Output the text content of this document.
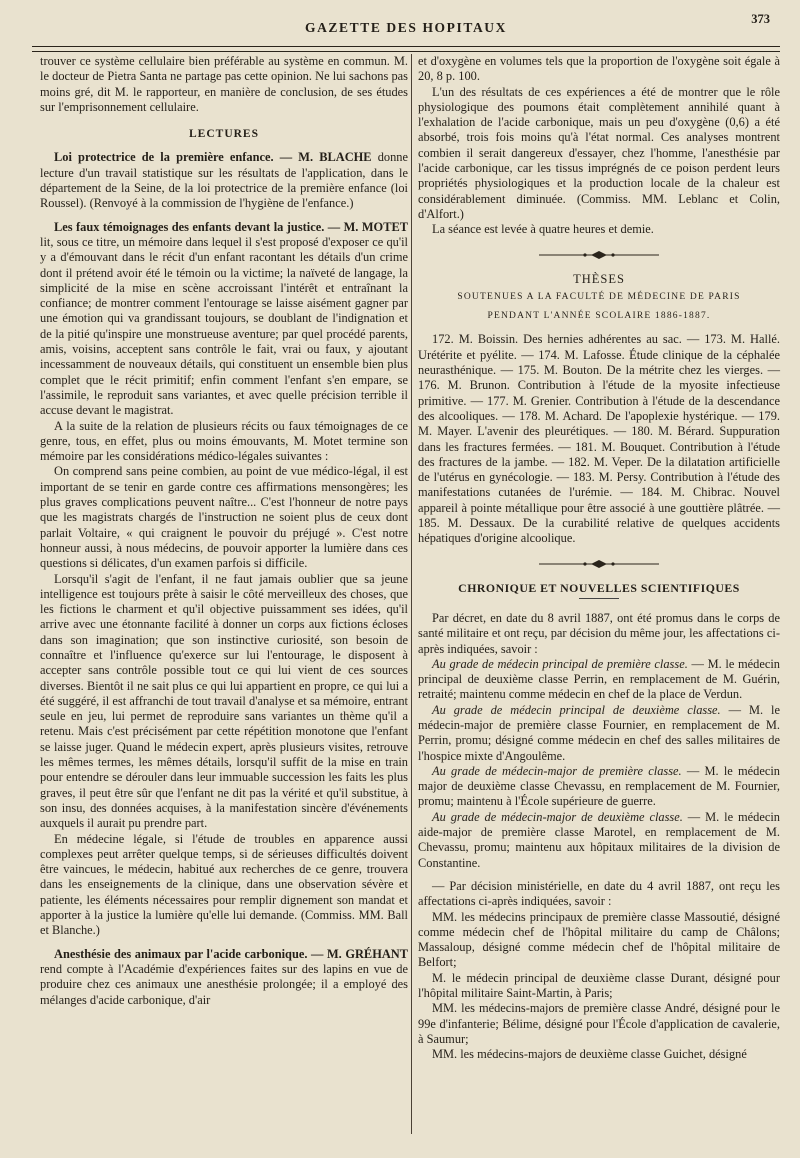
GAZETTE DES HOPITAUX
373

trouver ce système cellulaire bien préférable au système en commun. M. le docteur de Pietra Santa ne partage pas cette opinion. Ne lui sachons pas moins gré, dit M. le rapporteur, en manière de conclusion, de ses études sur l'emprisonnement cellulaire.

LECTURES

Loi protectrice de la première enfance. — M. BLACHE donne lecture d'un travail statistique sur les résultats de l'application, dans le département de la Seine, de la loi protectrice de la première enfance (loi Roussel). (Renvoyé à la commission de l'hygiène de l'enfance.)

Les faux témoignages des enfants devant la justice. — M. MOTET lit, sous ce titre, un mémoire dans lequel il s'est proposé d'exposer ce qu'il y a d'émouvant dans le récit d'un enfant racontant les détails d'un crime dont il prétend avoir été le témoin ou la victime; la naïveté de langage, la simplicité de la mise en scène accroissant l'intérêt et entraînant la confiance; de montrer comment l'entourage se laisse aisément gagner par une émotion qui va grandissant toujours, se doublant de l'indignation et de la pitié qu'inspire une monstrueuse aventure; par quel procédé parents, amis, voisins, acceptent sans contrôle le fait, vrai ou faux, y ajoutant incessamment de nouveaux détails, qui constituent un ensemble bien plus complet que le récit primitif; enfin comment l'enfant s'en empare, se l'assimile, le reproduit sans variantes, et avec quelle précision terrible il accuse devant le magistrat.

A la suite de la relation de plusieurs récits ou faux témoignages de ce genre, tous, en effet, plus ou moins émouvants, M. Motet termine son mémoire par les considérations médico-légales suivantes :

On comprend sans peine combien, au point de vue médico-légal, il est important de se tenir en garde contre ces affirmations mensongères; les plus graves complications peuvent naître... C'est l'honneur de notre pays que les magistrats chargés de l'instruction ne soient plus de ceux dont parlait Voltaire, « qui craignent le pouvoir du préjugé ». C'est notre honneur aussi, à nous médecins, de pouvoir apporter la lumière dans ces questions si délicates, d'un examen parfois si difficile.

Lorsqu'il s'agit de l'enfant, il ne faut jamais oublier que sa jeune intelligence est toujours prête à saisir le côté merveilleux des choses, que les fictions le charment et qu'il objective puissamment ses idées, qu'il arrive avec une étonnante facilité à donner un corps aux fictions écloses dans son imagination; que son instinctive curiosité, son besoin de connaître et l'influence qu'exerce sur lui l'entourage, le disposent à accepter sans contrôle possible tout ce qui lui vient de ces sources diverses. Bientôt il ne sait plus ce qui lui appartient en propre, ce qui lui a été suggéré, il est affranchi de tout travail d'analyse et sa mémoire, entrant seule en jeu, lui permet de reproduire sans variantes un thème qu'il a retenu. Mais c'est précisément par cette répétition monotone que l'enfant se laisse juger. Quand le médecin expert, après plusieurs visites, retrouve les mêmes termes, les mêmes détails, lorsqu'il suffit de la mise en train pour entendre se dérouler dans leur immuable succession les faits les plus graves, il peut être sûr que l'enfant ne dit pas la vérité et qu'il substitue, à son insu, des données acquises, à la manifestation sincère d'événements auxquels il aurait pu prendre part.

En médecine légale, si l'étude de troubles en apparence aussi complexes peut arrêter quelque temps, si de sérieuses difficultés doivent être vaincues, le médecin, habitué aux recherches de ce genre, trouvera dans les enseignements de la clinique, dans une observation sévère et patiente, les éléments nécessaires pour remplir dignement son mandat et apporter à la justice la lumière qu'elle lui demande. (Commiss. MM. Ball et Blanche.)

Anesthésie des animaux par l'acide carbonique. — M. GRÉHANT rend compte à l'Académie d'expériences faites sur des lapins en vue de produire chez ces animaux une anesthésie prolongée; il a employé des mélanges d'acide carbonique, d'air

et d'oxygène en volumes tels que la proportion de l'oxygène soit égale à 20, 8 p. 100.

L'un des résultats de ces expériences a été de montrer que le rôle physiologique des poumons était complètement annihilé quant à l'exhalation de l'acide carbonique, mais un peu d'oxygène (0,6) a été absorbé, trois fois moins qu'à l'état normal. Ces analyses montrent combien il serait dangereux d'essayer, chez l'homme, l'anesthésie par l'acide carbonique, car les tissus imprégnés de ce poison perdent leurs propriétés physiologiques et la production locale de la chaleur est considérablement diminuée. (Commiss. MM. Leblanc et Colin, d'Alfort.)

La séance est levée à quatre heures et demie.

THÈSES
SOUTENUES A LA FACULTÉ DE MÉDECINE DE PARIS
PENDANT L'ANNÉE SCOLAIRE 1886-1887.

172. M. Boissin. Des hernies adhérentes au sac. — 173. M. Hallé. Urétérite et pyélite. — 174. M. Lafosse. Étude clinique de la céphalée neurasthénique. — 175. M. Bouton. De la métrite chez les vierges. — 176. M. Brunon. Contribution à l'étude de la myosite infectieuse primitive. — 177. M. Grenier. Contribution à l'étude de la descendance des alcooliques. — 178. M. Achard. De l'apoplexie hystérique. — 179. M. Mayer. L'avenir des pleurétiques. — 180. M. Bérard. Suppuration dans les fractures fermées. — 181. M. Bouquet. Contribution à l'étude des fractures de la jambe. — 182. M. Veper. De la dilatation artificielle de l'utérus en gynécologie. — 183. M. Persy. Contribution à l'étude des manifestations cutanées de l'urémie. — 184. M. Chibrac. Nouvel appareil à pointe métallique pour être associé à une gouttière plâtrée. — 185. M. Dessaux. De la curabilité relative de quelques accidents hépatiques d'origine alcoolique.

CHRONIQUE ET NOUVELLES SCIENTIFIQUES

Par décret, en date du 8 avril 1887, ont été promus dans le corps de santé militaire et ont reçu, par décision du même jour, les affectations ci-après indiquées, savoir :

Au grade de médecin principal de première classe. — M. le médecin principal de deuxième classe Perrin, en remplacement de M. Guérin, retraité; maintenu comme médecin en chef de la place de Verdun.

Au grade de médecin principal de deuxième classe. — M. le médecin-major de première classe Fournier, en remplacement de M. Perrin, promu; désigné comme médecin en chef des salles militaires de l'hospice mixte d'Angoulême.

Au grade de médecin-major de première classe. — M. le médecin major de deuxième classe Chevassu, en remplacement de M. Fournier, promu; maintenu à l'École supérieure de guerre.

Au grade de médecin-major de deuxième classe. — M. le médecin aide-major de première classe Marotel, en remplacement de M. Chevassu, promu; maintenu aux hôpitaux militaires de la division de Constantine.

— Par décision ministérielle, en date du 4 avril 1887, ont reçu les affectations ci-après indiquées, savoir :

MM. les médecins principaux de première classe Massoutié, désigné comme médecin chef de l'hôpital militaire du camp de Châlons; Massaloup, désigné comme médecin chef de l'hôpital militaire de Belfort;

M. le médecin principal de deuxième classe Durant, désigné pour l'hôpital militaire Saint-Martin, à Paris;

MM. les médecins-majors de première classe André, désigné pour le 99e d'infanterie; Bélime, désigné pour l'École d'application de cavalerie, à Saumur;

MM. les médecins-majors de deuxième classe Guichet, désigné
